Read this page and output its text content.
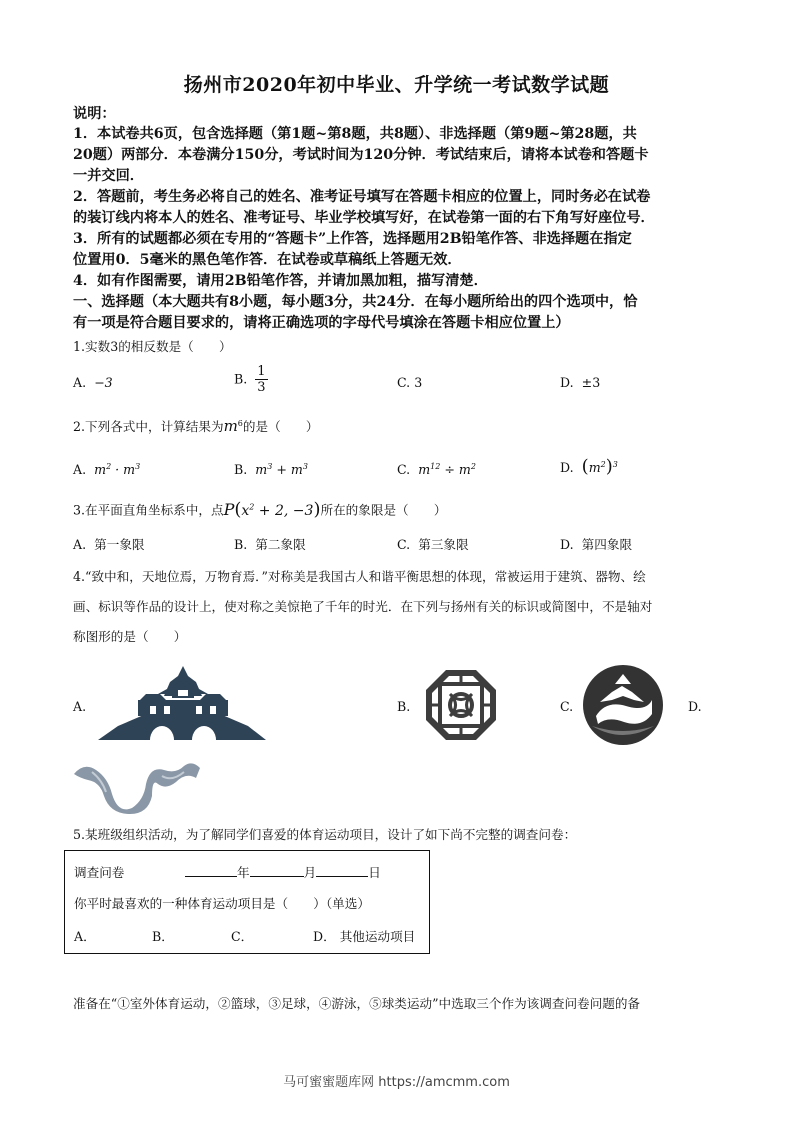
扬州市2020年初中毕业、升学统一考试数学试题
说明：
1．本试卷共6页，包含选择题（第1题~第8题，共8题）、非选择题（第9题~第28题，共
20题）两部分．本卷满分150分，考试时间为120分钟．考试结束后，请将本试卷和答题卡
一并交回．
2．答题前，考生务必将自己的姓名、准考证号填写在答题卡相应的位置上，同时务必在试卷
的装订线内将本人的姓名、准考证号、毕业学校填写好，在试卷第一面的右下角写好座位号．
3．所有的试题都必须在专用的“答题卡”上作答，选择题用2B铅笔作答、非选择题在指定
位置用0．5毫米的黑色笔作答．在试卷或草稿纸上答题无效．
4．如有作图需要，请用2B铅笔作答，并请加黑加粗，描写清楚．
一、选择题（本大题共有8小题，每小题3分，共24分．在每小题所给出的四个选项中，恰
有一项是符合题目要求的，请将正确选项的字母代号填涂在答题卡相应位置上）
1.实数3的相反数是（　　）
A. −3	B. $\frac{1}{3}$	C. 3	D. ±3
2.下列各式中，计算结果为$m^6$的是（　　）
A. $m^2 \cdot m^3$	B. $m^3 + m^3$	C. $m^{12} \div m^2$	D. $(m^2)^3$
3.在平面直角坐标系中，点$P(x^2 + 2$, −3)所在的象限是（　　）
A. 第一象限	B. 第二象限	C. 第三象限	D. 第四象限
4.“致中和，天地位焉，万物育焉．”对称美是我国古人和谐平衡思想的体现，常被运用于建筑、器物、绘
画、标识等作品的设计上，使对称之美惊艳了千年的时光．在下列与扬州有关的标识或简图中，不是轴对
称图形的是（　　）
A.	B.	C.	D.
5.某班级组织活动，为了解同学们喜爱的体育运动项目，设计了如下尚不完整的调查问卷：
调查问卷	年	月	日
你平时最喜欢的一种体育运动项目是（　　）（单选）
A．	B．	C．	D． 其他运动项目
准备在“①室外体育运动，②篮球，③足球，④游泳，⑤球类运动”中选取三个作为该调查问卷问题的备
马可蜜蜜题库网 https://amcmm.com
